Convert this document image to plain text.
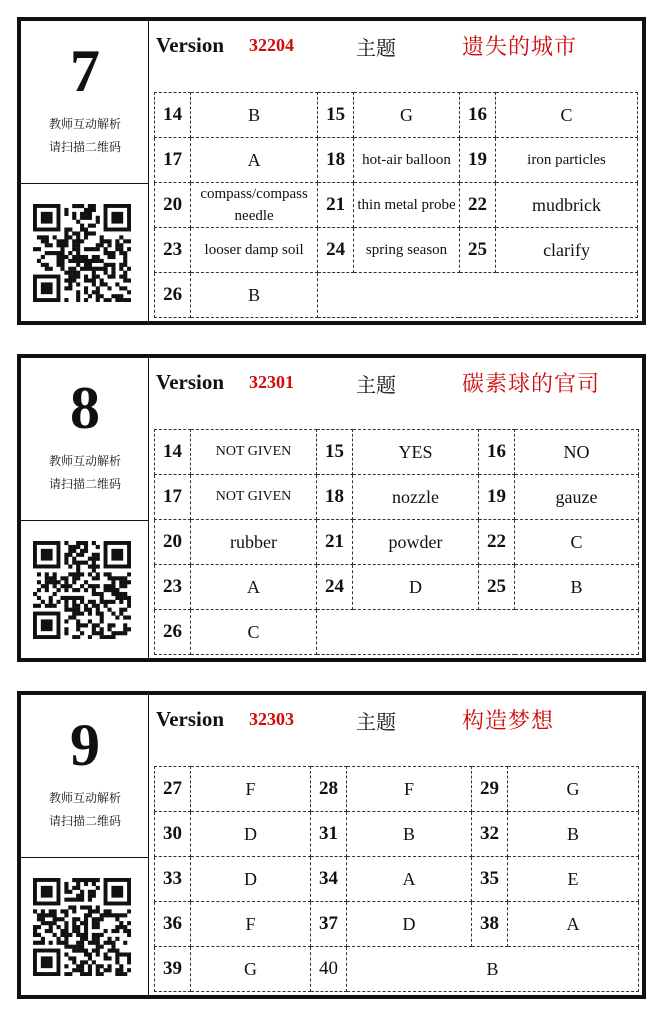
7
教师互动解析
请扫描二维码
Version 32204	主题	遗失的城市
14	B	15	G	16	C
17	A	18	hot-air balloon	19	iron particles
20	compass/compass needle	21	thin metal probe	22	mudbrick
23	looser damp soil	24	spring season	25	clarify
26	B				
8
教师互动解析
请扫描二维码
Version 32301	主题	碳素球的官司
14	NOT GIVEN	15	YES	16	NO
17	NOT GIVEN	18	nozzle	19	gauze
20	rubber	21	powder	22	C
23	A	24	D	25	B
26	C				
9
教师互动解析
请扫描二维码
Version 32303	主题	构造梦想
27	F	28	F	29	G
30	D	31	B	32	B
33	D	34	A	35	E
36	F	37	D	38	A
39	G	40	B		
